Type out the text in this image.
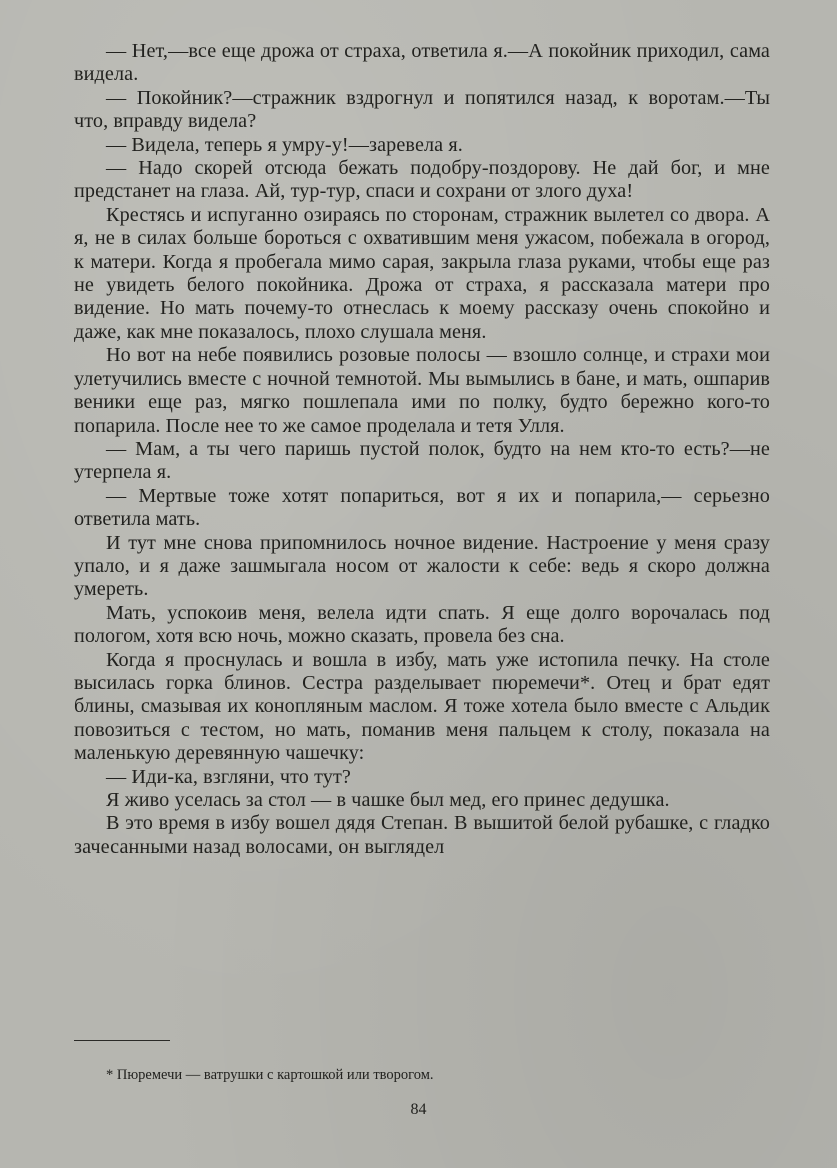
— Нет,—все еще дрожа от страха, ответила я.—А покойник приходил, сама видела.

— Покойник?—стражник вздрогнул и попятился назад, к воротам.—Ты что, вправду видела?

— Видела, теперь я умру-у!—заревела я.

— Надо скорей отсюда бежать подобру-поздорову. Не дай бог, и мне предстанет на глаза. Ай, тур-тур, спаси и сохрани от злого духа!

Крестясь и испуганно озираясь по сторонам, стражник вылетел со двора. А я, не в силах больше бороться с охватившим меня ужасом, побежала в огород, к матери. Когда я пробегала мимо сарая, закрыла глаза руками, чтобы еще раз не увидеть белого покойника. Дрожа от страха, я рассказала матери про видение. Но мать почему-то отнеслась к моему рассказу очень спокойно и даже, как мне показалось, плохо слушала меня.

Но вот на небе появились розовые полосы — взошло солнце, и страхи мои улетучились вместе с ночной темнотой. Мы вымылись в бане, и мать, ошпарив веники еще раз, мягко пошлепала ими по полку, будто бережно кого-то попарила. После нее то же самое проделала и тетя Улля.

— Мам, а ты чего паришь пустой полок, будто на нем кто-то есть?—не утерпела я.

— Мертвые тоже хотят попариться, вот я их и попарила,— серьезно ответила мать.

И тут мне снова припомнилось ночное видение. Настроение у меня сразу упало, и я даже зашмыгала носом от жалости к себе: ведь я скоро должна умереть.

Мать, успокоив меня, велела идти спать. Я еще долго ворочалась под пологом, хотя всю ночь, можно сказать, провела без сна.

Когда я проснулась и вошла в избу, мать уже истопила печку. На столе высилась горка блинов. Сестра разделывает пюремечи*. Отец и брат едят блины, смазывая их конопляным маслом. Я тоже хотела было вместе с Альдик повозиться с тестом, но мать, поманив меня пальцем к столу, показала на маленькую деревянную чашечку:

— Иди-ка, взгляни, что тут?

Я живо уселась за стол — в чашке был мед, его принес дедушка.

В это время в избу вошел дядя Степан. В вышитой белой рубашке, с гладко зачесанными назад волосами, он выглядел

* Пюремечи — ватрушки с картошкой или творогом.
84
